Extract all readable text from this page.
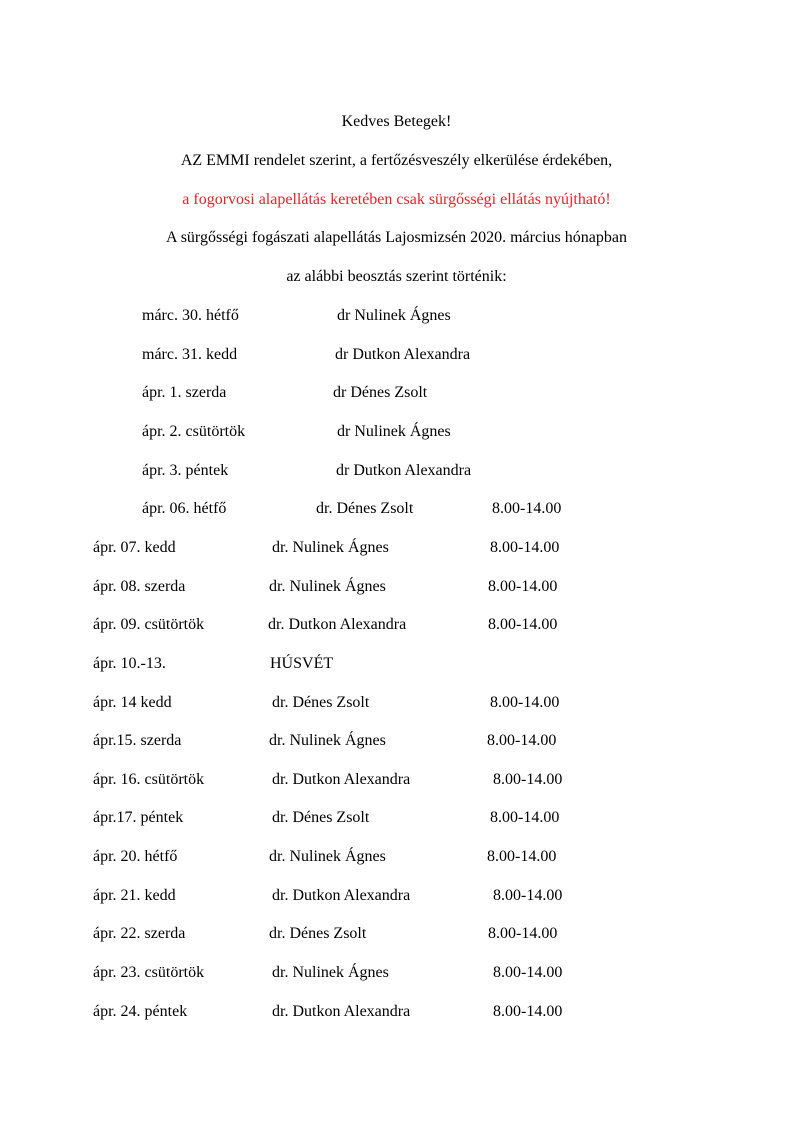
Kedves Betegek!
AZ EMMI rendelet szerint, a fertőzésveszély elkerülése érdekében,
a fogorvosi alapellátás keretében csak sürgősségi ellátás nyújtható!
A sürgősségi fogászati alapellátás Lajosmizsén 2020. március hónapban
az alábbi beosztás szerint történik:
márc. 30. hétfő	dr Nulinek Ágnes
márc. 31. kedd	dr Dutkon Alexandra
ápr. 1. szerda	dr Dénes Zsolt
ápr. 2. csütörtök	dr Nulinek Ágnes
ápr. 3. péntek	dr Dutkon Alexandra
ápr. 06. hétfő	dr. Dénes Zsolt	8.00-14.00
ápr. 07. kedd	dr. Nulinek Ágnes	8.00-14.00
ápr. 08. szerda	dr. Nulinek Ágnes	8.00-14.00
ápr. 09. csütörtök	dr. Dutkon Alexandra	8.00-14.00
ápr. 10.-13.	HÚSVÉT
ápr. 14 kedd	dr. Dénes Zsolt	8.00-14.00
ápr.15. szerda	dr. Nulinek Ágnes	8.00-14.00
ápr. 16. csütörtök	dr. Dutkon Alexandra	8.00-14.00
ápr.17. péntek	dr. Dénes Zsolt	8.00-14.00
ápr. 20. hétfő	dr. Nulinek Ágnes	8.00-14.00
ápr. 21. kedd	dr. Dutkon Alexandra	8.00-14.00
ápr. 22. szerda	dr. Dénes Zsolt	8.00-14.00
ápr. 23. csütörtök	dr. Nulinek Ágnes	8.00-14.00
ápr. 24. péntek	dr. Dutkon Alexandra	8.00-14.00
